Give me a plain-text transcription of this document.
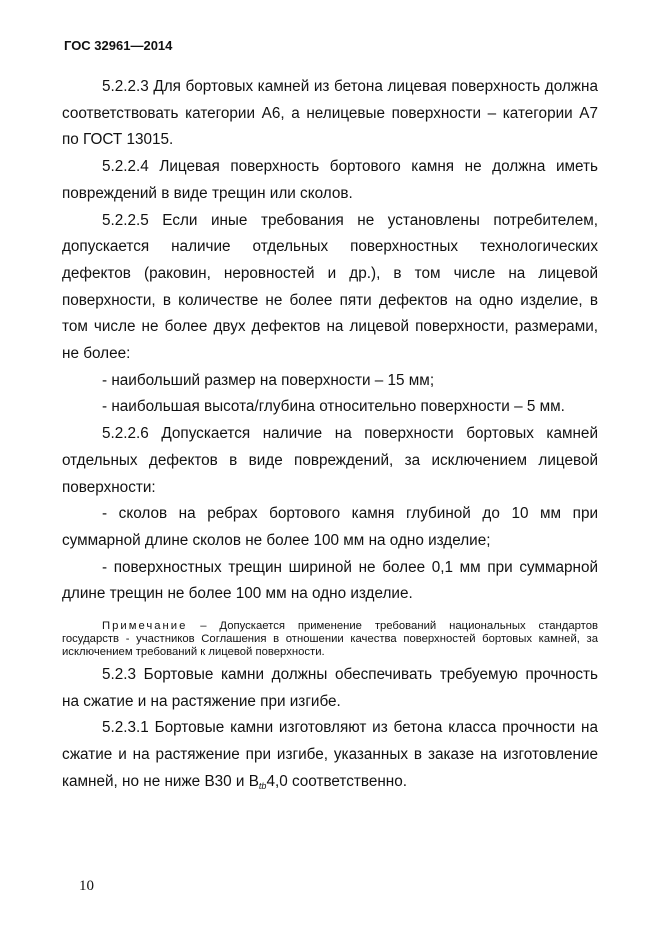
ГОС 32961—2014

5.2.2.3 Для бортовых камней из бетона лицевая поверхность должна соответствовать категории А6, а нелицевые поверхности – категории А7 по ГОСТ 13015.

5.2.2.4 Лицевая поверхность бортового камня не должна иметь повреждений в виде трещин или сколов.

5.2.2.5 Если иные требования не установлены потребителем, допускается наличие отдельных поверхностных технологических дефектов (раковин, неровностей и др.), в том числе на лицевой поверхности, в количестве не более пяти дефектов на одно изделие, в том числе не более двух дефектов на лицевой поверхности, размерами, не более:

- наибольший размер на поверхности – 15 мм;

- наибольшая высота/глубина относительно поверхности – 5 мм.

5.2.2.6 Допускается наличие на поверхности бортовых камней отдельных дефектов в виде повреждений, за исключением лицевой поверхности:

- сколов на ребрах бортового камня глубиной до 10 мм при суммарной длине сколов не более 100 мм на одно изделие;

- поверхностных трещин шириной не более 0,1 мм при суммарной длине трещин не более 100 мм на одно изделие.

Примечание – Допускается применение требований национальных стандартов государств - участников Соглашения в отношении качества поверхностей бортовых камней, за исключением требований к лицевой поверхности.

5.2.3 Бортовые камни должны обеспечивать требуемую прочность на сжатие и на растяжение при изгибе.

5.2.3.1 Бортовые камни изготовляют из бетона класса прочности на сжатие и на растяжение при изгибе, указанных в заказе на изготовление камней, но не ниже В30 и $В_{tb}4,0$ соответственно.

10
